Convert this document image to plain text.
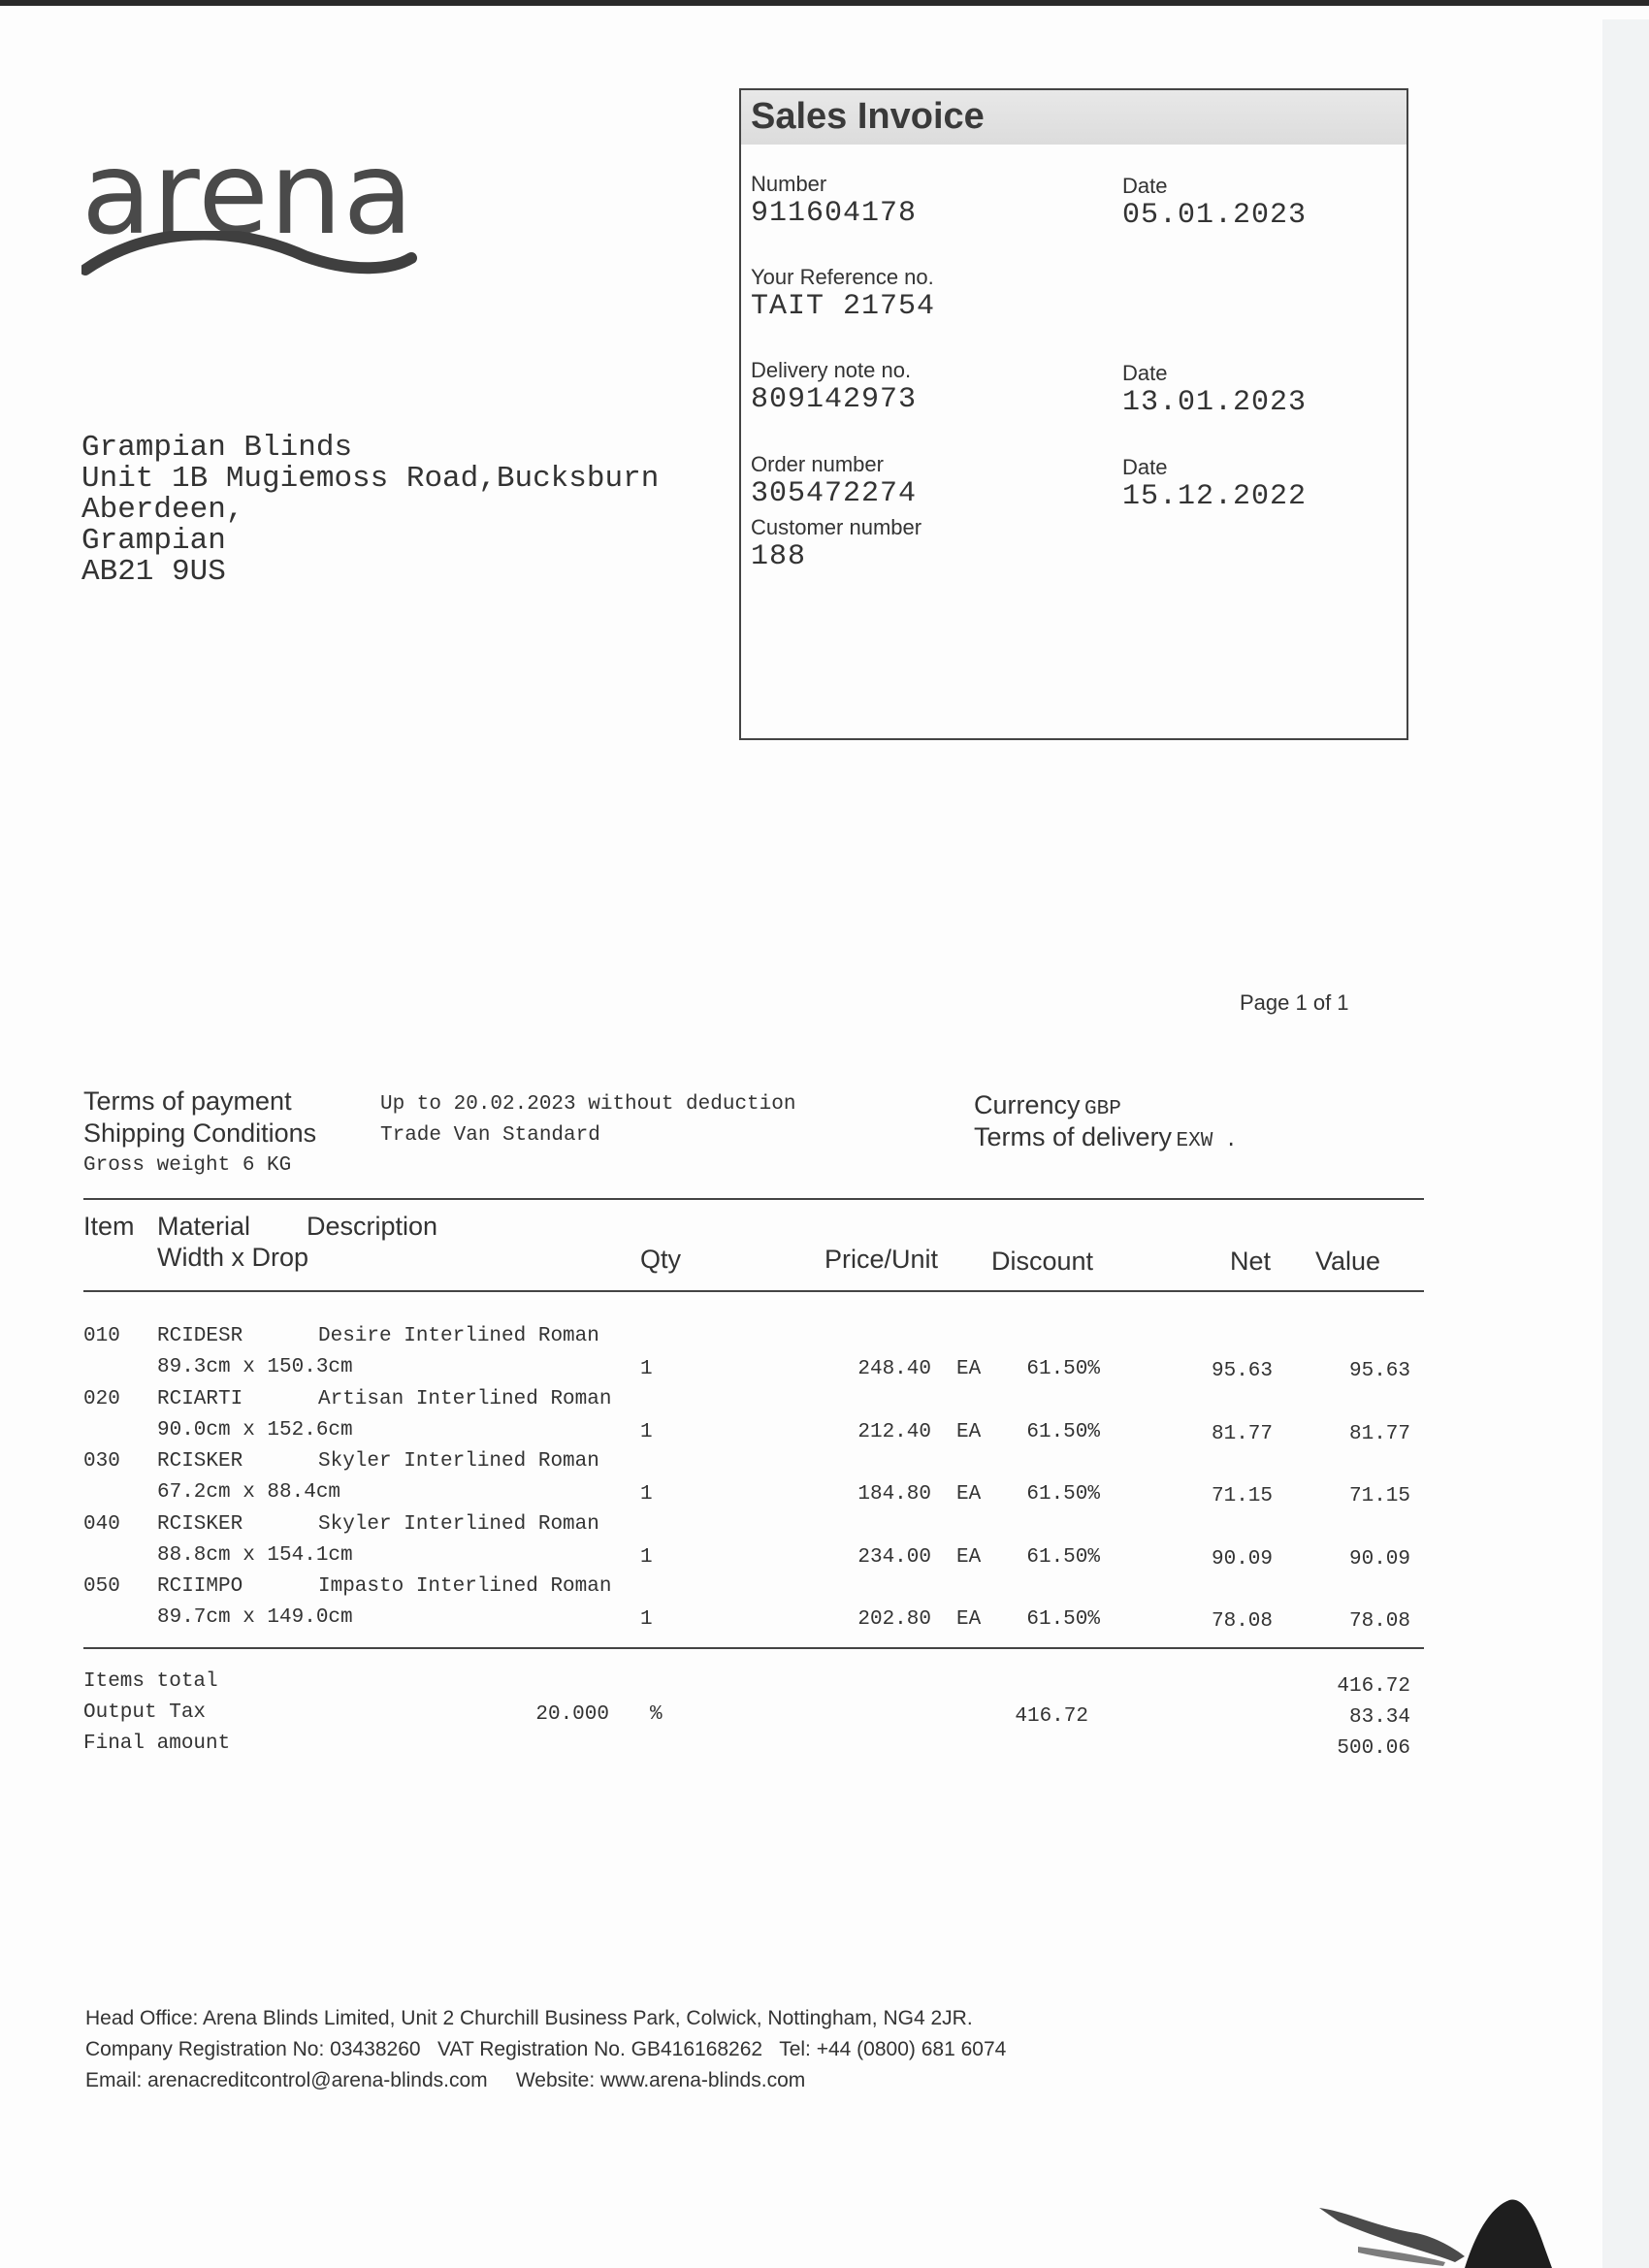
arena
Grampian Blinds
Unit 1B Mugiemoss Road,Bucksburn
Aberdeen,
Grampian
AB21 9US
Sales Invoice
Number
911604178
Date
05.01.2023
Your Reference no.
TAIT 21754
Delivery note no.
809142973
Date
13.01.2023
Order number
305472274
Date
15.12.2022
Customer number
188
Page 1 of 1
Terms of payment	Up to 20.02.2023 without deduction
Shipping Conditions	Trade Van Standard
Gross weight 6 KG
Currency GBP
Terms of delivery EXW .
Item Material Description
Width x Drop	Qty	Price/Unit Discount	Net Value
010 RCIDESR	Desire Interlined Roman
89.3cm x 150.3cm	1	248.40 EA	61.50%	95.63	95.63
020 RCIARTI	Artisan Interlined Roman
90.0cm x 152.6cm	1	212.40 EA	61.50%	81.77	81.77
030 RCISKER	Skyler Interlined Roman
67.2cm x 88.4cm	1	184.80 EA	61.50%	71.15	71.15
040 RCISKER	Skyler Interlined Roman
88.8cm x 154.1cm	1	234.00 EA	61.50%	90.09	90.09
050 RCIIMPO	Impasto Interlined Roman
89.7cm x 149.0cm	1	202.80 EA	61.50%	78.08	78.08
Items total	416.72
Output Tax	20.000 %	416.72	83.34
Final amount	500.06
Head Office: Arena Blinds Limited, Unit 2 Churchill Business Park, Colwick, Nottingham, NG4 2JR.
Company Registration No: 03438260   VAT Registration No. GB416168262   Tel: +44 (0800) 681 6074
Email: arenacreditcontrol@arena-blinds.com     Website: www.arena-blinds.com
